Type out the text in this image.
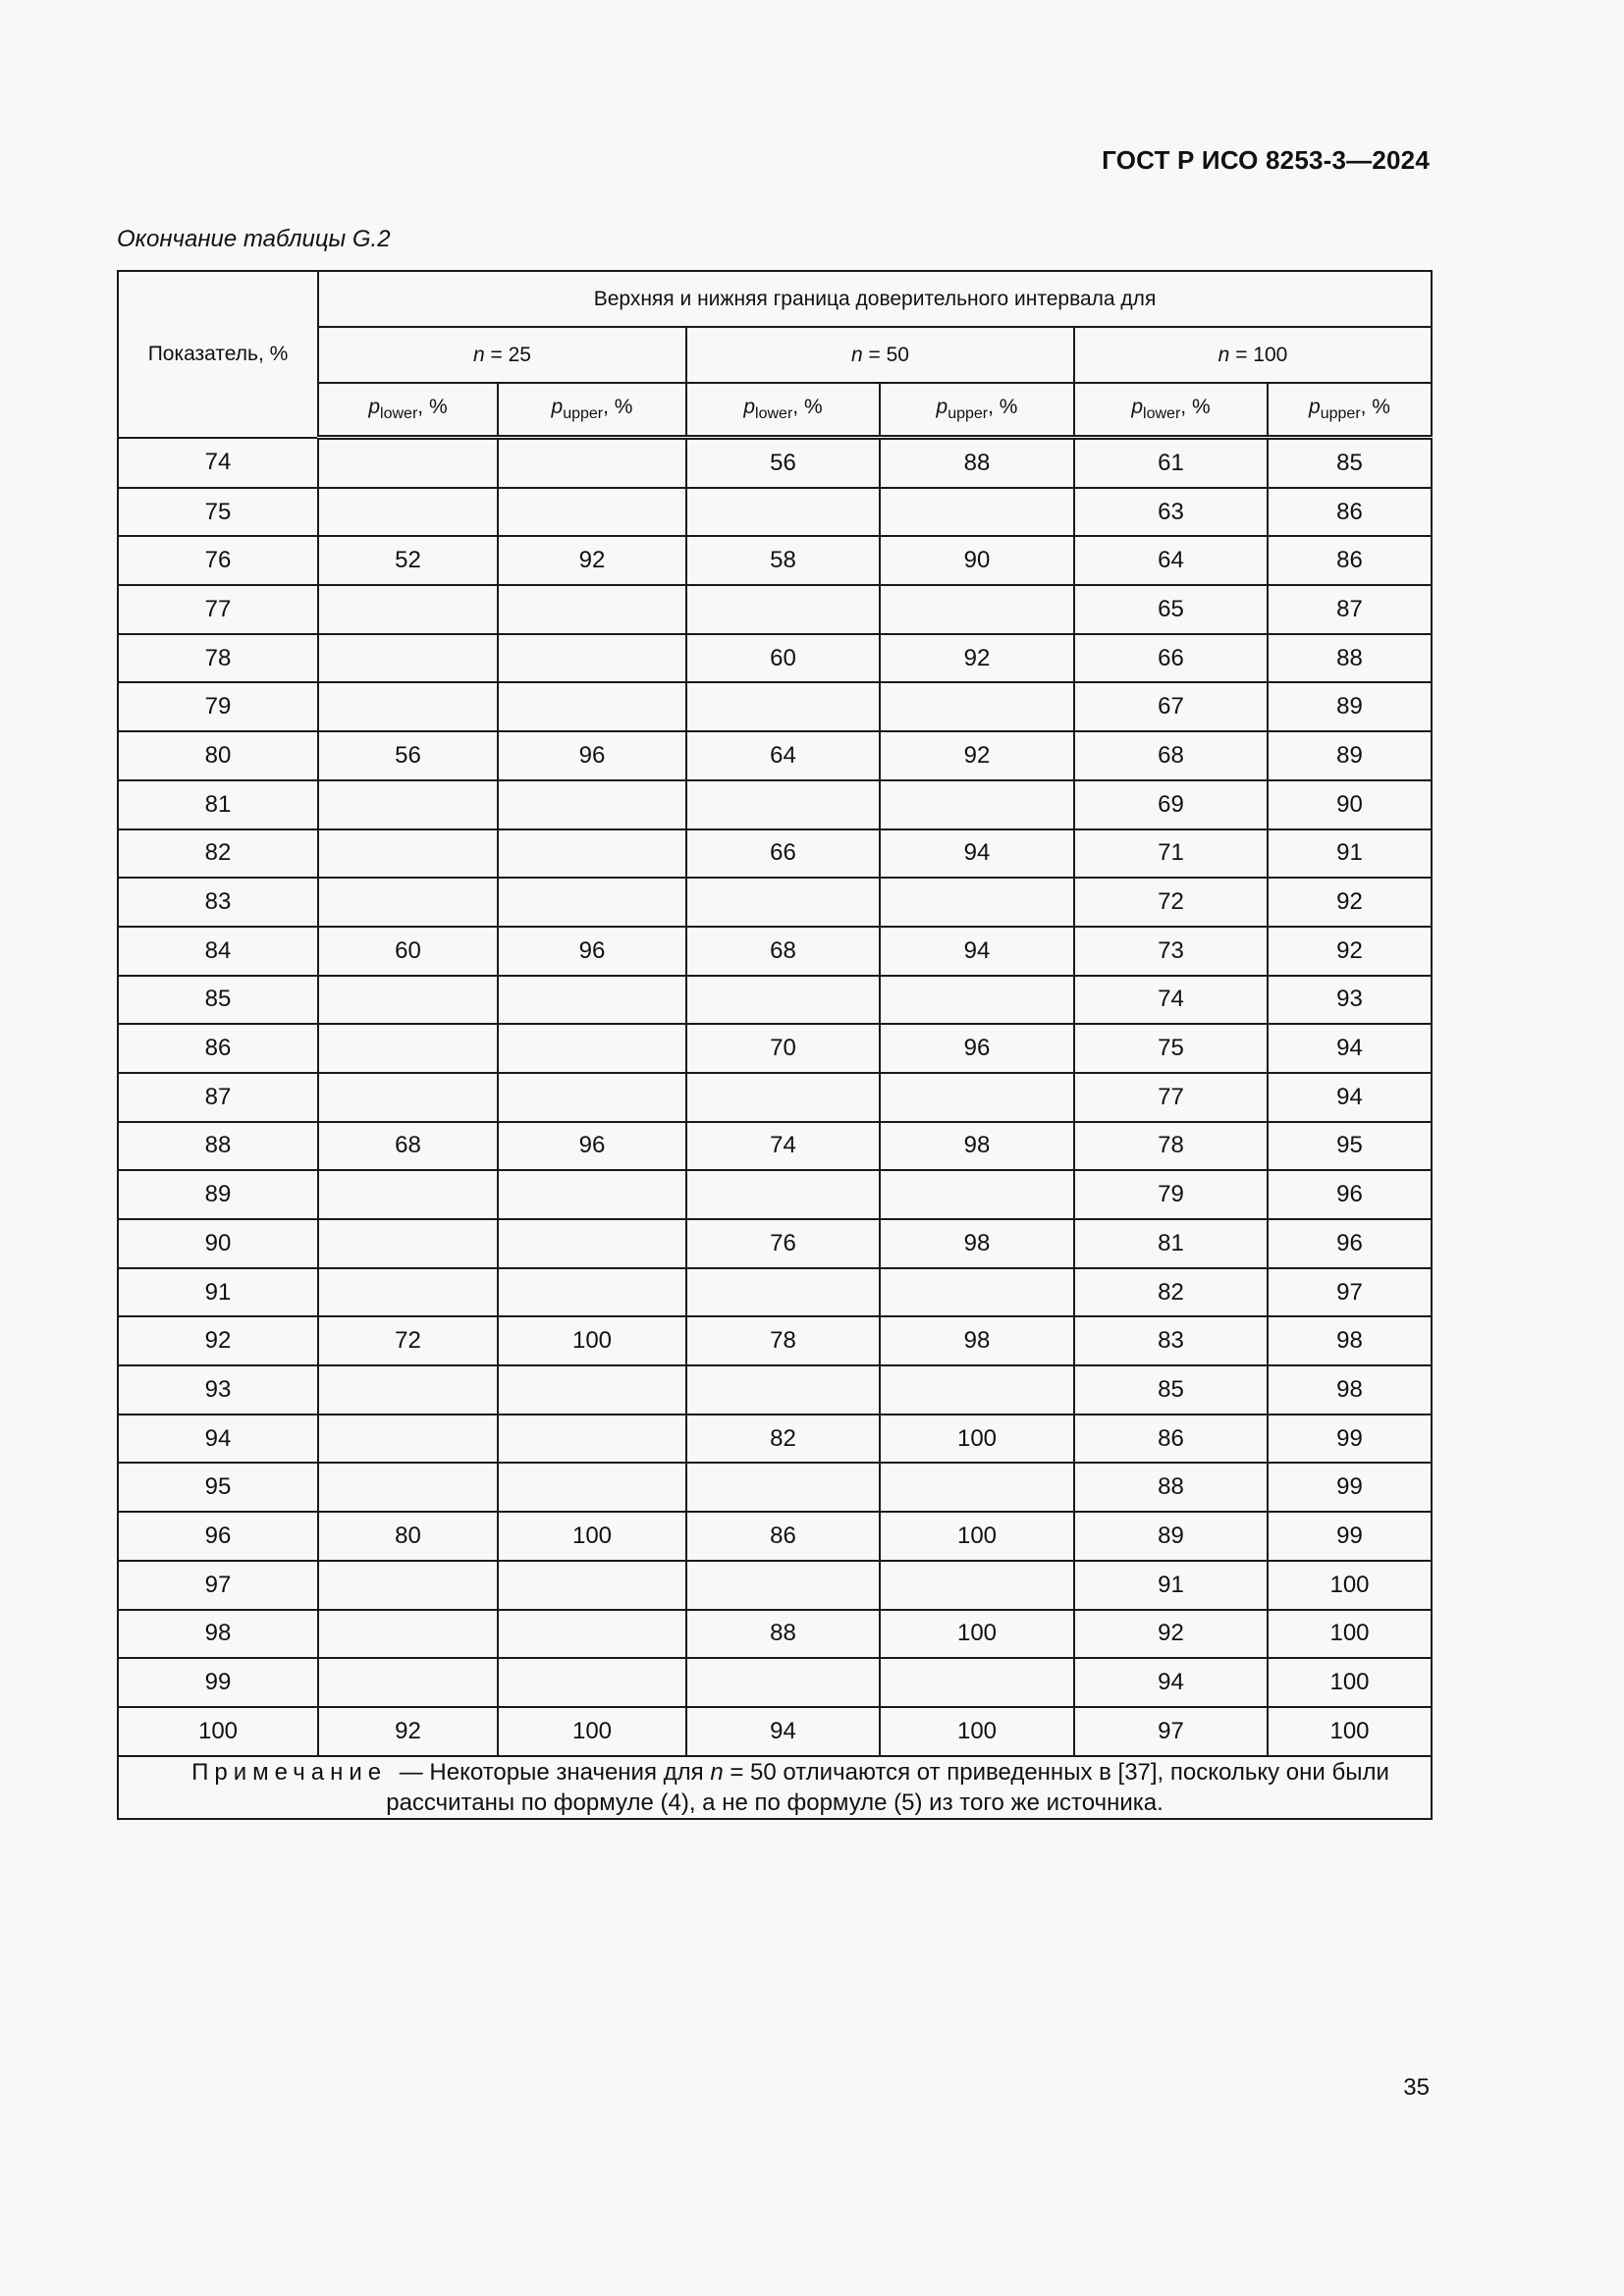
ГОСТ Р ИСО 8253-3—2024
Окончание таблицы G.2
Показатель, %	Верхняя и нижняя граница доверительного интервала для					
	n = 25		n = 50		n = 100	
	$p_{lower}$, %	$p_{upper}$, %	$p_{lower}$, %	$p_{upper}$, %	$p_{lower}$, %	$p_{upper}$, %
74			56	88	61	85
75					63	86
76	52	92	58	90	64	86
77					65	87
78			60	92	66	88
79					67	89
80	56	96	64	92	68	89
81					69	90
82			66	94	71	91
83					72	92
84	60	96	68	94	73	92
85					74	93
86			70	96	75	94
87					77	94
88	68	96	74	98	78	95
89					79	96
90			76	98	81	96
91					82	97
92	72	100	78	98	83	98
93					85	98
94			82	100	86	99
95					88	99
96	80	100	86	100	89	99
97					91	100
98			88	100	92	100
99					94	100
100	92	100	94	100	97	100
Примечание — Некоторые значения для n = 50 отличаются от приведенных в [37], поскольку они были рассчитаны по формуле (4), а не по формуле (5) из того же источника.						
35
